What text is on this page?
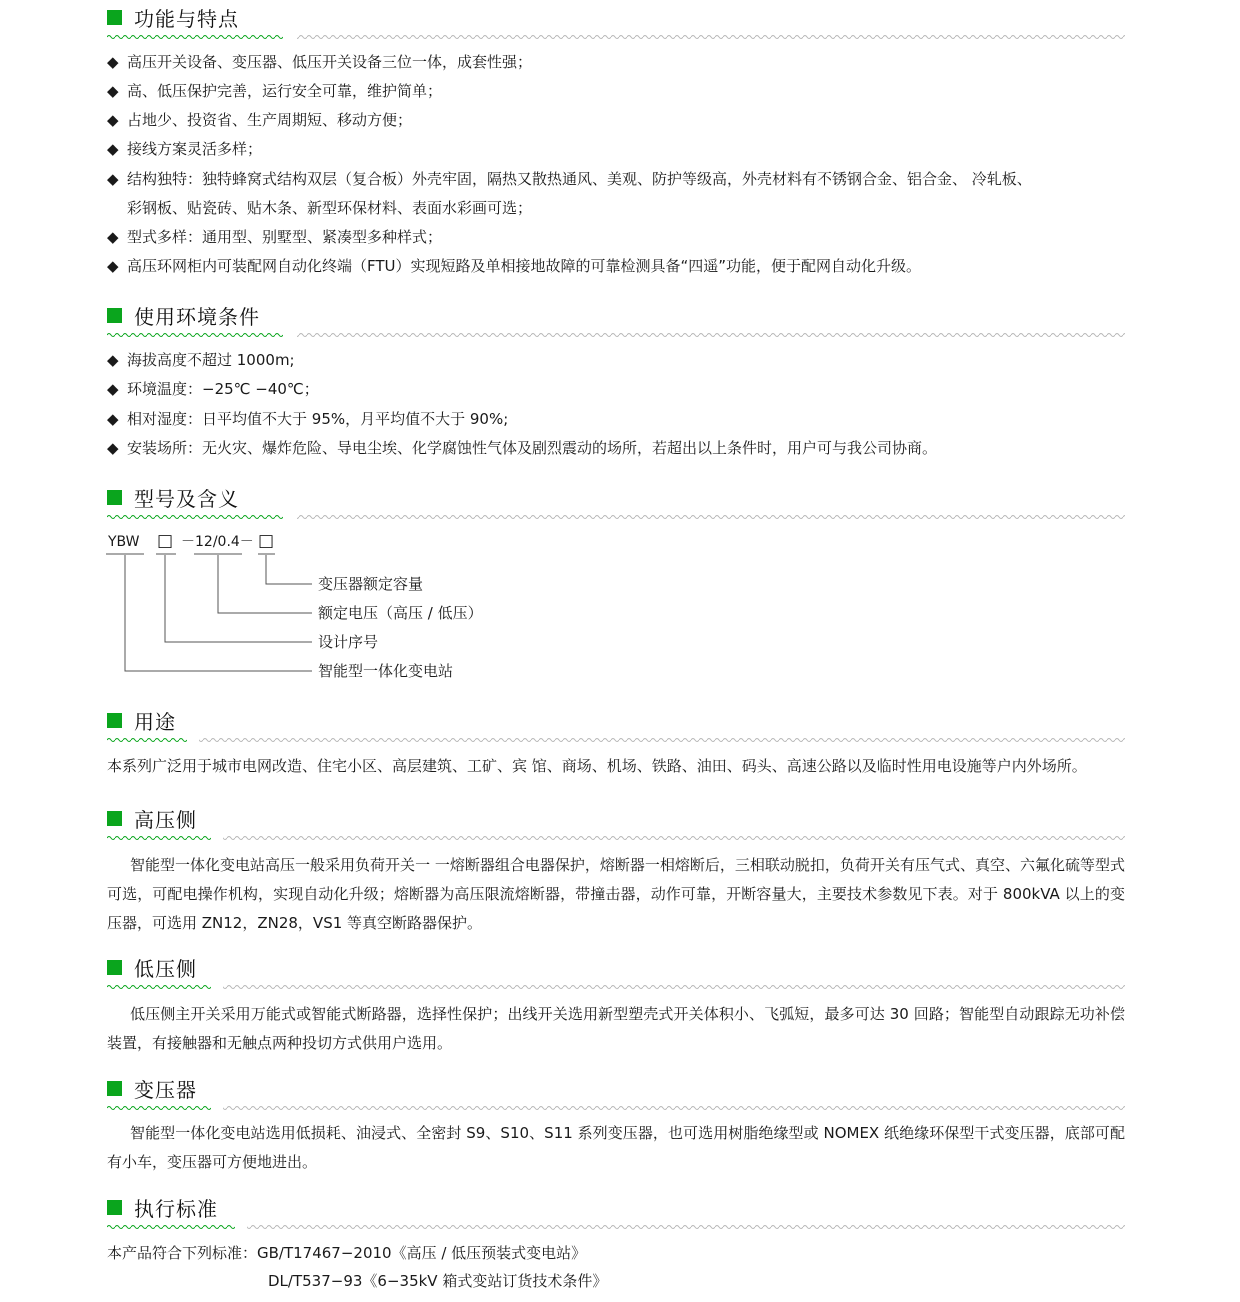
功能与特点
◆ 高压开关设备、变压器、低压开关设备三位一体，成套性强；
◆ 高、低压保护完善，运行安全可靠，维护简单；
◆ 占地少、投资省、生产周期短、移动方便；
◆ 接线方案灵活多样；
◆ 结构独特：独特蜂窝式结构双层（复合板）外壳牢固，隔热又散热通风、美观、防护等级高，外壳材料有不锈钢合金、铝合金、 冷轧板、
彩钢板、贴瓷砖、贴木条、新型环保材料、表面水彩画可选；
◆ 型式多样：通用型、别墅型、紧凑型多种样式；
◆ 高压环网柜内可装配网自动化终端（FTU）实现短路及单相接地故障的可靠检测具备“四遥”功能，便于配网自动化升级。
使用环境条件
◆ 海拔高度不超过 1000m;
◆ 环境温度：−25℃ −40℃；
◆ 相对湿度：日平均值不大于 95%，月平均值不大于 90%;
◆ 安装场所：无火灾、爆炸危险、导电尘埃、化学腐蚀性气体及剧烈震动的场所，若超出以上条件时，用户可与我公司协商。
型号及含义
YBW □ －12/0.4－ □
变压器额定容量
额定电压（高压 / 低压）
设计序号
智能型一体化变电站
用途
本系列广泛用于城市电网改造、住宅小区、高层建筑、工矿、宾 馆、商场、机场、铁路、油田、码头、高速公路以及临时性用电设施等户内外场所。
高压侧
智能型一体化变电站高压一般采用负荷开关一 一熔断器组合电器保护，熔断器一相熔断后，三相联动脱扣，负荷开关有压气式、真空、六氟化硫等型式可选，可配电操作机构，实现自动化升级；熔断器为高压限流熔断器，带撞击器，动作可靠，开断容量大，主要技术参数见下表。对于 800kVA 以上的变压器，可选用 ZN12，ZN28，VS1 等真空断路器保护。
低压侧
低压侧主开关采用万能式或智能式断路器，选择性保护；出线开关选用新型塑壳式开关体积小、飞弧短，最多可达 30 回路；智能型自动跟踪无功补偿装置，有接触器和无触点两种投切方式供用户选用。
变压器
智能型一体化变电站选用低损耗、油浸式、全密封 S9、S10、S11 系列变压器，也可选用树脂绝缘型或 NOMEX 纸绝缘环保型干式变压器，底部可配有小车，变压器可方便地进出。
执行标准
本产品符合下列标准：GB/T17467−2010《高压 / 低压预装式变电站》
DL/T537−93《6−35kV 箱式变站订货技术条件》
